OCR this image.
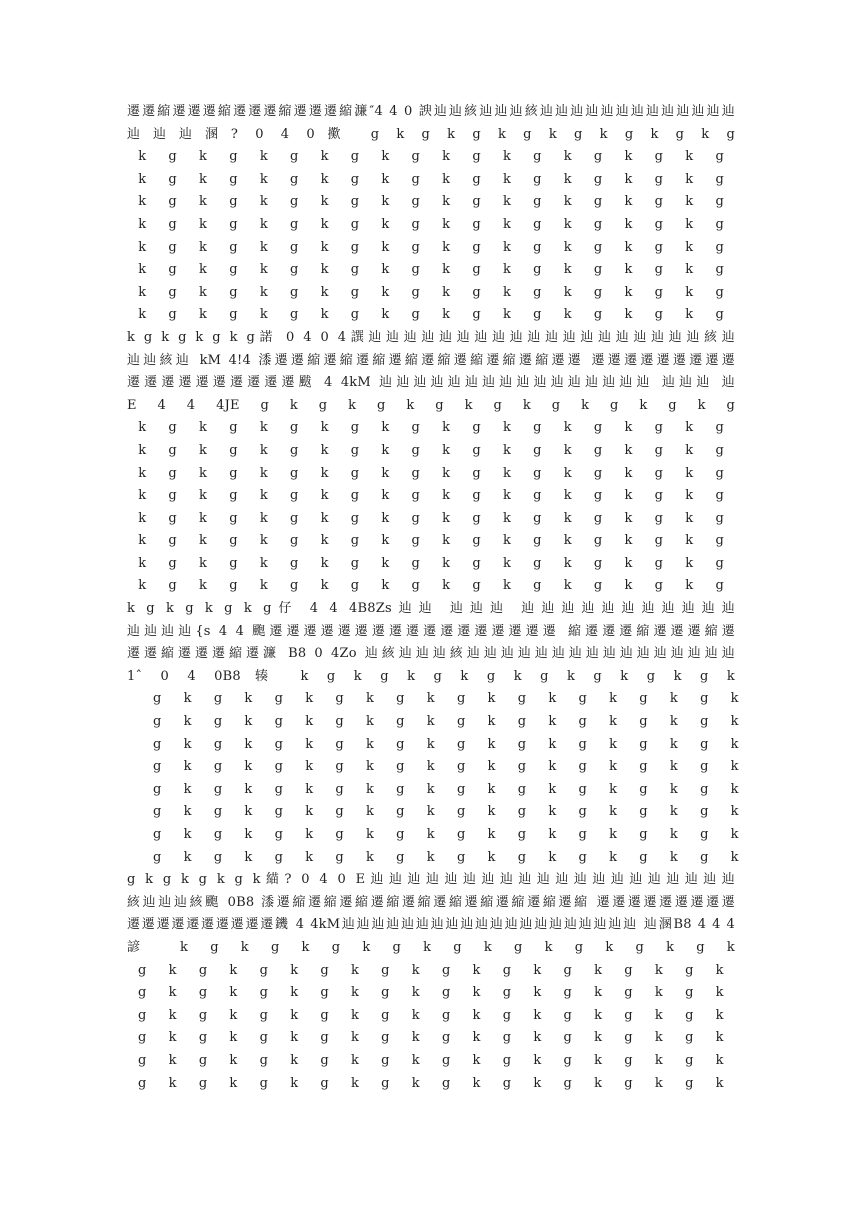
遷遷縮遷遷遷縮遷遷遷縮遷遷遷縮濂″4 4 0 諛辿辿絯辿辿辿絯辿辿辿辿辿辿辿辿辿辿辿辿辿
辿辿辿溷? 0 4 0擹 g k g k g k g k g k g k g k g
k g k g k g k g k g k g k g k g k g k g
k g k g k g k g k g k g k g k g k g k g
k g k g k g k g k g k g k g k g k g k g
k g k g k g k g k g k g k g k g k g k g
k g k g k g k g k g k g k g k g k g k g
k g k g k g k g k g k g k g k g k g k g
k g k g k g k g k g k g k g k g k g k g
k g k g k g k g k g k g k g k g k g k g
k g k g k g k g諾 0 4 0 4譔辿辿辿辿辿辿辿辿辿辿辿辿辿辿辿辿辿辿辿絯辿
辿辿絯辿 kM 4!4 潻遷遷縮遷縮遷縮遷縮遷縮遷縮遷縮遷縮遷遷 遷遷遷遷遷遷遷遷遷
遷遷遷遷遷遷遷遷遷遷颰 4 4kM 辿辿辿辿辿辿辿辿辿辿辿辿辿辿辿辿 辿辿辿 辿
E 4 4 4JE g k g k g k g k g k g k g k g k g
k g k g k g k g k g k g k g k g k g k g
k g k g k g k g k g k g k g k g k g k g
k g k g k g k g k g k g k g k g k g k g
k g k g k g k g k g k g k g k g k g k g
k g k g k g k g k g k g k g k g k g k g
k g k g k g k g k g k g k g k g k g k g
k g k g k g k g k g k g k g k g k g k g
k g k g k g k g k g k g k g k g k g k g
k g k g k g k g仔 4 4 4B8Zs辿辿 辿辿辿 辿辿辿辿辿辿辿辿辿辿辿
辿辿辿辿{s 4 4 颮遷遷遷遷遷遷遷遷遷遷遷遷遷遷遷遷遷 縮遷遷遷縮遷遷遷縮遷
遷遷縮遷遷遷縮遷濂 B8 0 4Zo 辿絯辿辿辿絯辿辿辿辿辿辿辿辿辿辿辿辿辿辿辿辿
1ˆ 0 4 0B8辏 k g k g k g k g k g k g k g k g k
g k g k g k g k g k g k g k g k g k g k
g k g k g k g k g k g k g k g k g k g k
g k g k g k g k g k g k g k g k g k g k
g k g k g k g k g k g k g k g k g k g k
g k g k g k g k g k g k g k g k g k g k
g k g k g k g k g k g k g k g k g k g k
g k g k g k g k g k g k g k g k g k g k
g k g k g k g k g k g k g k g k g k g k
g k g k g k g k緢? 0 4 0 E辿辿辿辿辿辿辿辿辿辿辿辿辿辿辿辿辿辿辿辿
絯辿辿辿絯颮 0B8 潻遷縮遷縮遷縮遷縮遷縮遷縮遷縮遷縮遷縮遷縮 遷遷遷遷遷遷遷遷遷
遷遷遷遷遷遷遷遷遷遷鐖 4 4kM辿辿辿辿辿辿辿辿辿辿辿辿辿辿辿辿辿辿辿辿 辿溷B8 4 4 4
諺 k g k g k g k g k g k g k g k g k g k
g k g k g k g k g k g k g k g k g k g k
g k g k g k g k g k g k g k g k g k g k
g k g k g k g k g k g k g k g k g k g k
g k g k g k g k g k g k g k g k g k g k
g k g k g k g k g k g k g k g k g k g k
g k g k g k g k g k g k g k g k g k g k
